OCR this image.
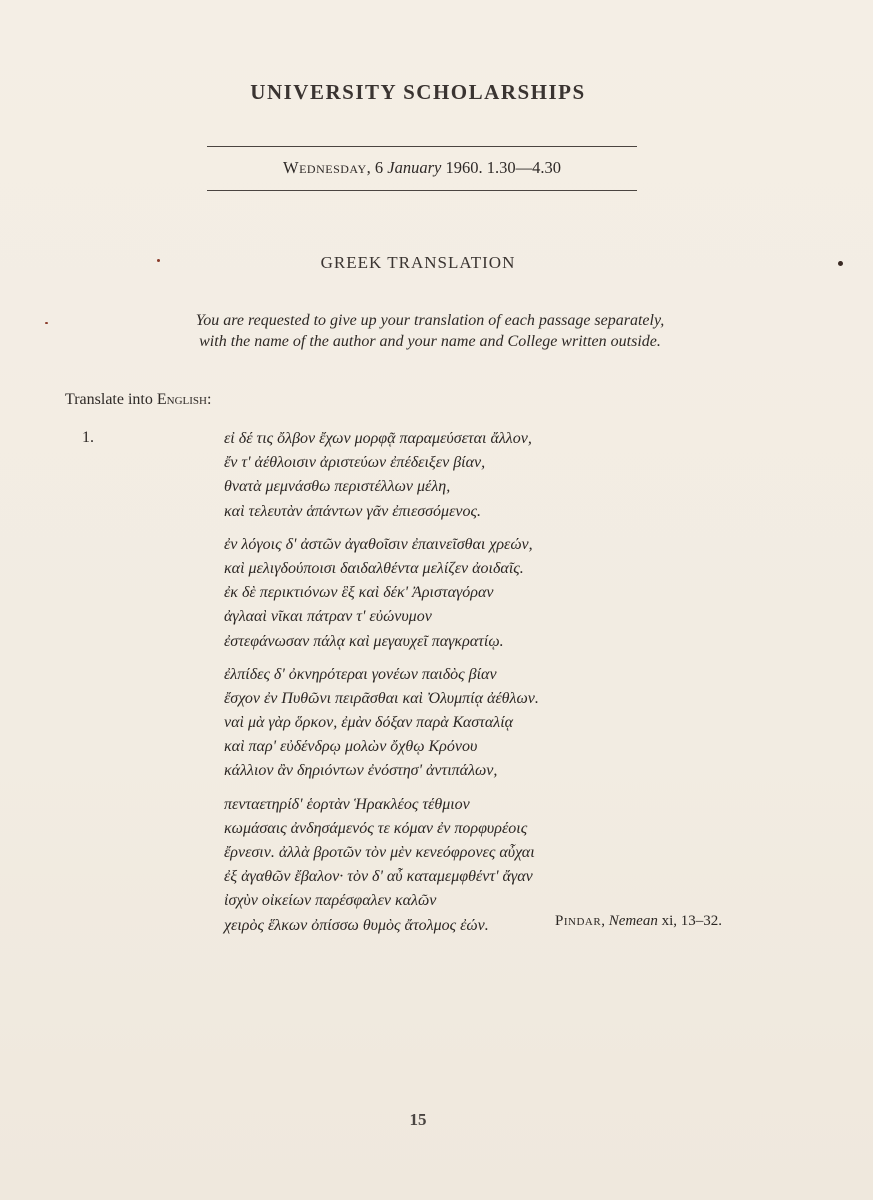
UNIVERSITY SCHOLARSHIPS
Wednesday, 6 January 1960. 1.30—4.30
GREEK TRANSLATION
You are requested to give up your translation of each passage separately,
with the name of the author and your name and College written outside.
Translate into English:
1.	εἰ δέ τις ὄλβον ἔχων μορφᾷ παραμεύσεται ἄλλον,
ἔν τ' ἀέθλοισιν ἀριστεύων ἐπέδειξεν βίαν,
θνατὰ μεμνάσθω περιστέλλων μέλη,
καὶ τελευτὰν ἁπάντων γᾶν ἐπιεσσόμενος.
ἐν λόγοις δ' ἀστῶν ἀγαθοῖσιν ἐπαινεῖσθαι χρεών,
καὶ μελιγδούποισι δαιδαλθέντα μελίζεν ἀοιδαῖς.
ἐκ δὲ περικτιόνων ἓξ καὶ δέκ' Ἀρισταγόραν
ἀγλααὶ νῖκαι πάτραν τ' εὐώνυμον
ἐστεφάνωσαν πάλᾳ καὶ μεγαυχεῖ παγκρατίῳ.
ἐλπίδες δ' ὀκνηρότεραι γονέων παιδὸς βίαν
ἔσχον ἐν Πυθῶνι πειρᾶσθαι καὶ Ὀλυμπίᾳ ἀέθλων.
ναὶ μὰ γὰρ ὅρκον, ἐμὰν δόξαν παρὰ Κασταλίᾳ
καὶ παρ' εὐδένδρῳ μολὼν ὄχθῳ Κρόνου
κάλλιον ἂν δηριόντων ἐνόστησ' ἀντιπάλων,
πενταετηρίδ' ἑορτὰν Ἡρακλέος τέθμιον
κωμάσαις ἀνδησάμενός τε κόμαν ἐν πορφυρέοις
ἔρνεσιν. ἀλλὰ βροτῶν τὸν μὲν κενεόφρονες αὖχαι
ἐξ ἀγαθῶν ἔβαλον· τὸν δ' αὖ καταμεμφθέντ' ἄγαν
ἰσχὺν οἰκείων παρέσφαλεν καλῶν
χειρὸς ἕλκων ὀπίσσω θυμὸς ἄτολμος ἐών.	Pindar, Nemean xi, 13–32.
15
